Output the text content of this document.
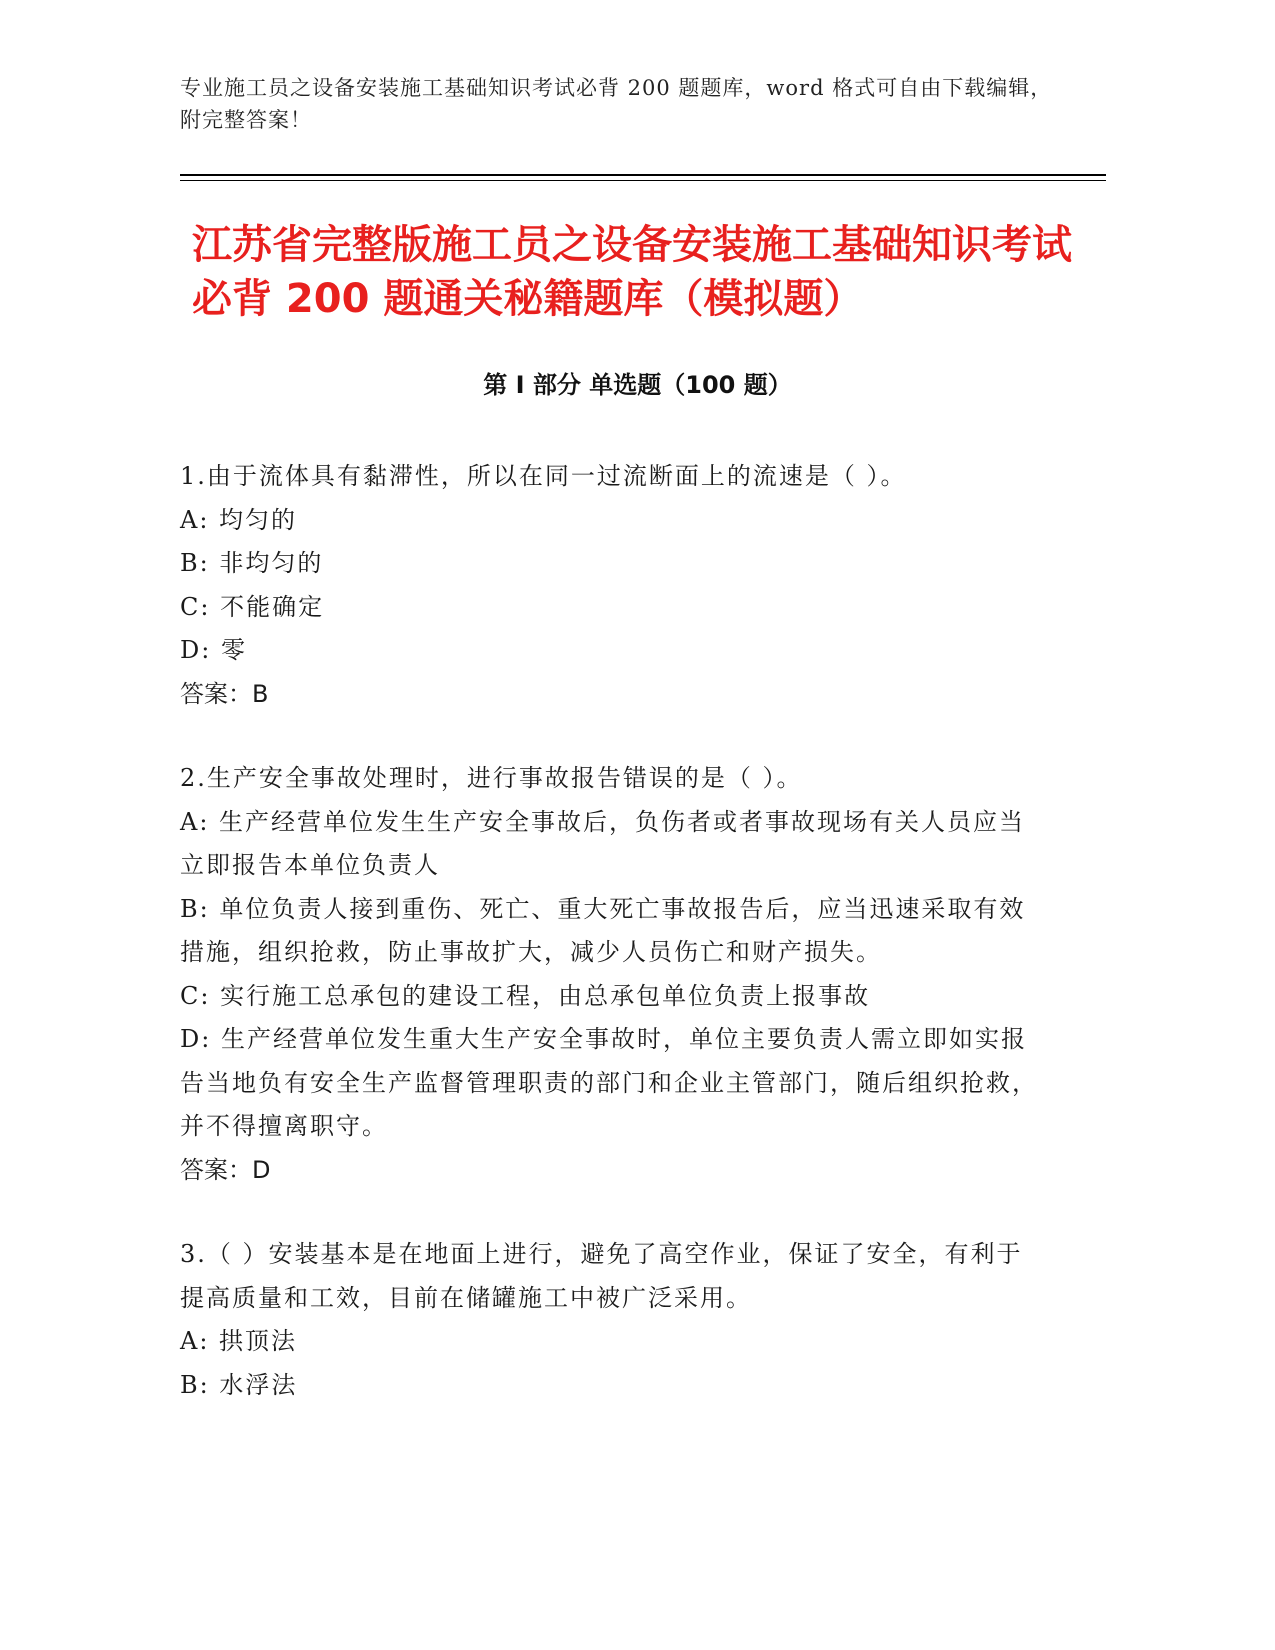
专业施工员之设备安装施工基础知识考试必背 200 题题库，word 格式可自由下载编辑，附完整答案！
江苏省完整版施工员之设备安装施工基础知识考试必背 200 题通关秘籍题库（模拟题）
第 I 部分 单选题（100 题）

1.由于流体具有黏滞性，所以在同一过流断面上的流速是（ ）。

A: 均匀的

B: 非均匀的

C: 不能确定

D: 零

答案：B

2.生产安全事故处理时，进行事故报告错误的是（ ）。

A: 生产经营单位发生生产安全事故后，负伤者或者事故现场有关人员应当立即报告本单位负责人

B: 单位负责人接到重伤、死亡、重大死亡事故报告后，应当迅速采取有效措施，组织抢救，防止事故扩大，减少人员伤亡和财产损失。

C: 实行施工总承包的建设工程，由总承包单位负责上报事故

D: 生产经营单位发生重大生产安全事故时，单位主要负责人需立即如实报告当地负有安全生产监督管理职责的部门和企业主管部门，随后组织抢救，并不得擅离职守。

答案：D

3.（ ）安装基本是在地面上进行，避免了高空作业，保证了安全，有利于提高质量和工效，目前在储罐施工中被广泛采用。

A: 拱顶法

B: 水浮法
